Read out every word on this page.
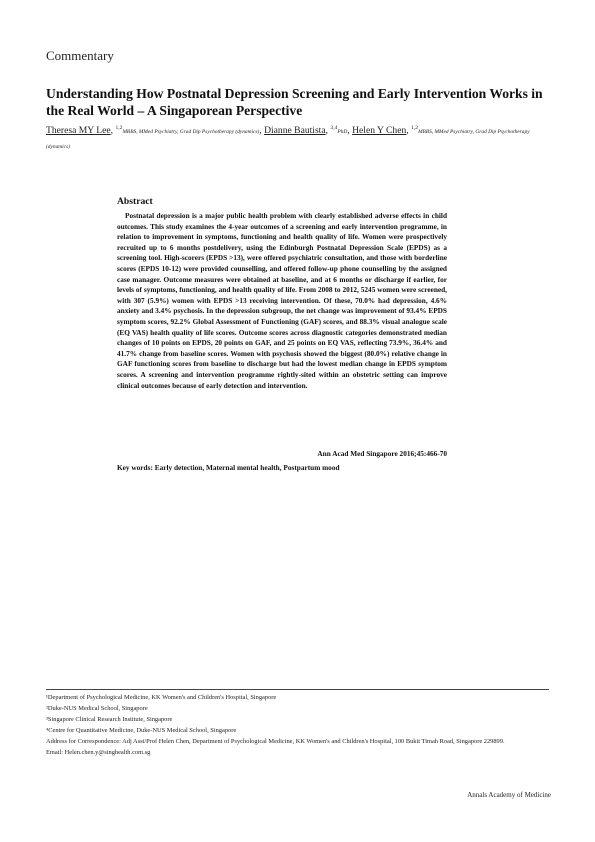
Commentary
Understanding How Postnatal Depression Screening and Early Intervention Works in the Real World – A Singaporean Perspective
Theresa MY Lee, $^{1,2}$MBBS, MMed Psychiatry, Grad Dip Psychotherapy (dynamics), Dianne Bautista, $^{3,4}$PhD, Helen Y Chen, $^{1,2}$MBBS, MMed Psychiatry, Grad Dip Psychotherapy (dynamics)
Abstract

Postnatal depression is a major public health problem with clearly established adverse effects in child outcomes. This study examines the 4-year outcomes of a screening and early intervention programme, in relation to improvement in symptoms, functioning and health quality of life. Women were prospectively recruited up to 6 months postdelivery, using the Edinburgh Postnatal Depression Scale (EPDS) as a screening tool. High-scorers (EPDS >13), were offered psychiatric consultation, and those with borderline scores (EPDS 10-12) were provided counselling, and offered follow-up phone counselling by the assigned case manager. Outcome measures were obtained at baseline, and at 6 months or discharge if earlier, for levels of symptoms, functioning, and health quality of life. From 2008 to 2012, 5245 women were screened, with 307 (5.9%) women with EPDS >13 receiving intervention. Of these, 70.0% had depression, 4.6% anxiety and 3.4% psychosis. In the depression subgroup, the net change was improvement of 93.4% EPDS symptom scores, 92.2% Global Assessment of Functioning (GAF) scores, and 88.3% visual analogue scale (EQ VAS) health quality of life scores. Outcome scores across diagnostic categories demonstrated median changes of 10 points on EPDS, 20 points on GAF, and 25 points on EQ VAS, reflecting 73.9%, 36.4% and 41.7% change from baseline scores. Women with psychosis showed the biggest (80.0%) relative change in GAF functioning scores from baseline to discharge but had the lowest median change in EPDS symptom scores. A screening and intervention programme rightly-sited within an obstetric setting can improve clinical outcomes because of early detection and intervention.

Ann Acad Med Singapore 2016;45:466-70
Key words: Early detection, Maternal mental health, Postpartum mood
¹Department of Psychological Medicine, KK Women's and Children's Hospital, Singapore
²Duke-NUS Medical School, Singapore
³Singapore Clinical Research Institute, Singapore
⁴Centre for Quantitative Medicine, Duke-NUS Medical School, Singapore
Address for Correspondence: Adj Asst/Prof Helen Chen, Department of Psychological Medicine, KK Women's and Children's Hospital, 100 Bukit Timah Road, Singapore 229899.
Email: Helen.chen.y@singhealth.com.sg
Annals Academy of Medicine
